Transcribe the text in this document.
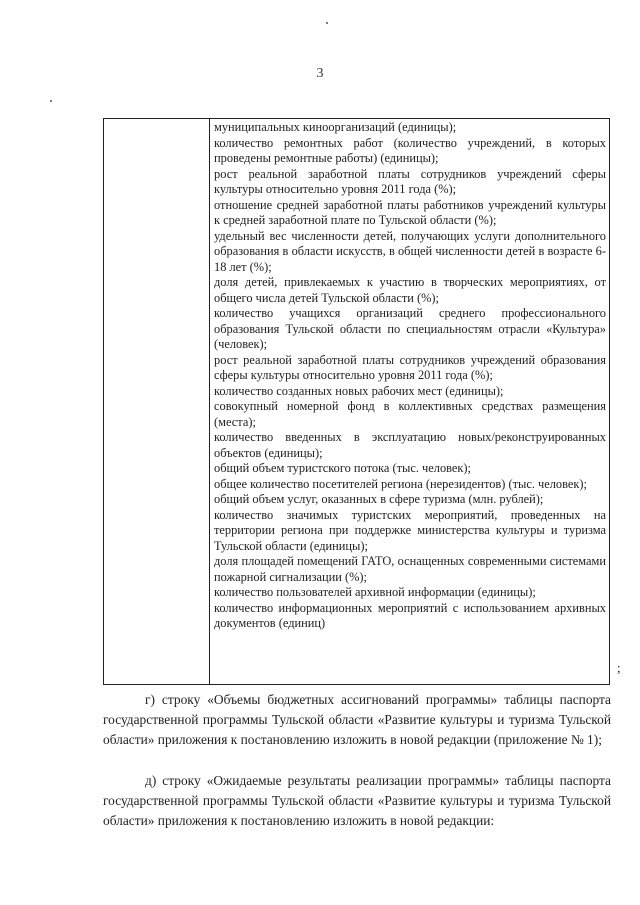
3
муниципальных киноорганизаций (единицы);
количество ремонтных работ (количество учреждений, в которых проведены ремонтные работы) (единицы);
рост реальной заработной платы сотрудников учреждений сферы культуры относительно уровня 2011 года (%);
отношение средней заработной платы работников учреждений культуры к средней заработной плате по Тульской области (%);
удельный вес численности детей, получающих услуги дополнительного образования в области искусств, в общей численности детей в возрасте 6-18 лет (%);
доля детей, привлекаемых к участию в творческих мероприятиях, от общего числа детей Тульской области (%);
количество учащихся организаций среднего профессионального образования Тульской области по специальностям отрасли «Культура» (человек);
рост реальной заработной платы сотрудников учреждений образования сферы культуры относительно уровня 2011 года (%);
количество созданных новых рабочих мест (единицы);
совокупный номерной фонд в коллективных средствах размещения (места);
количество введенных в эксплуатацию новых/реконструированных объектов (единицы);
общий объем туристского потока (тыс. человек);
общее количество посетителей региона (нерезидентов) (тыс. человек);
общий объем услуг, оказанных в сфере туризма (млн. рублей);
количество значимых туристских мероприятий, проведенных на территории региона при поддержке министерства культуры и туризма Тульской области (единицы);
доля площадей помещений ГАТО, оснащенных современными системами пожарной сигнализации (%);
количество пользователей архивной информации (единицы);
количество информационных мероприятий с использованием архивных документов (единиц)
;

г) строку «Объемы бюджетных ассигнований программы» таблицы паспорта государственной программы Тульской области «Развитие культуры и туризма Тульской области» приложения к постановлению изложить в новой редакции (приложение № 1);

д) строку «Ожидаемые результаты реализации программы» таблицы паспорта государственной программы Тульской области «Развитие культуры и туризма Тульской области» приложения к постановлению изложить в новой редакции:
